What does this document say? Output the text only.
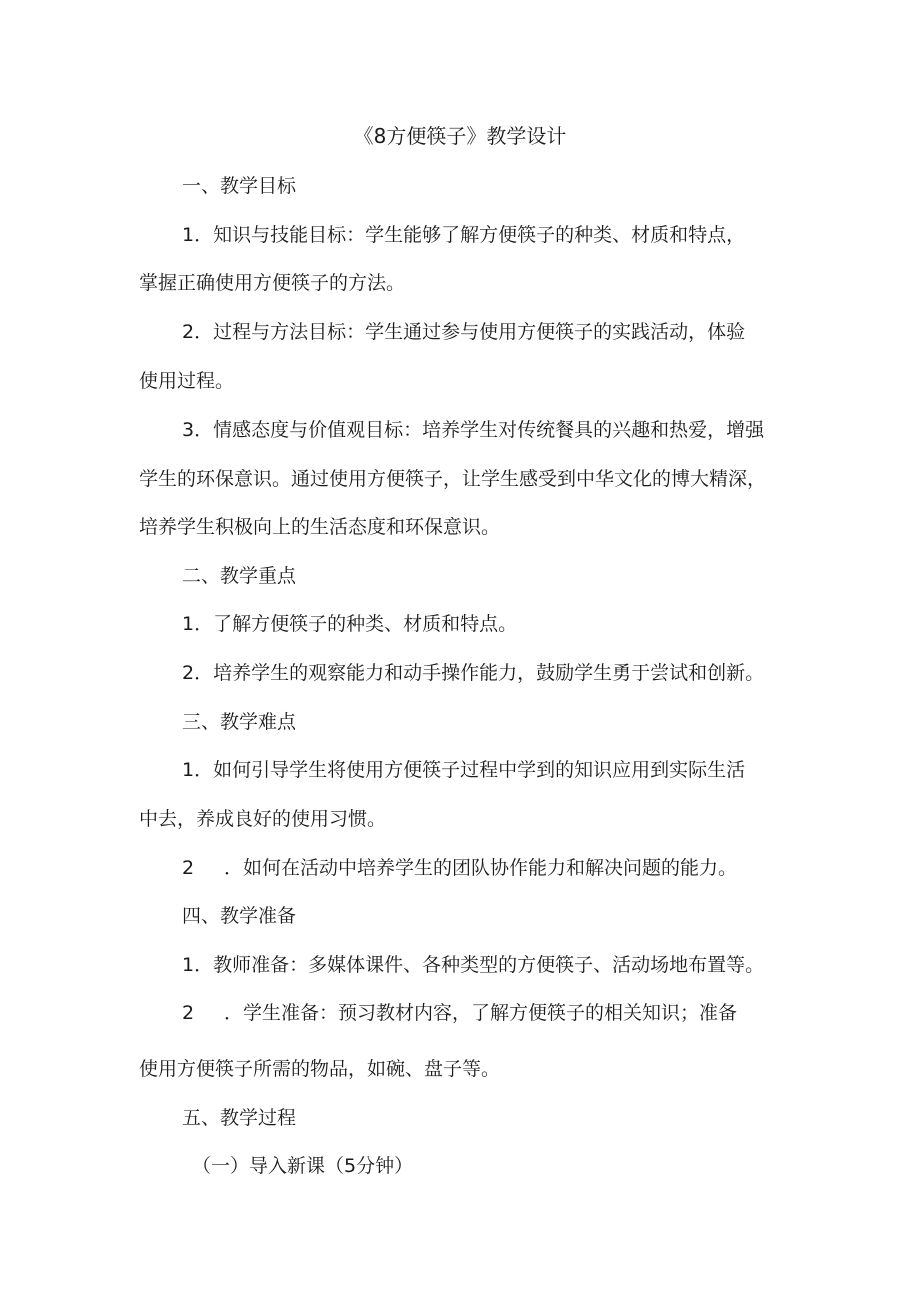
《8方便筷子》教学设计
一、教学目标
1．知识与技能目标：学生能够了解方便筷子的种类、材质和特点，
掌握正确使用方便筷子的方法。
2．过程与方法目标：学生通过参与使用方便筷子的实践活动，体验
使用过程。
3．情感态度与价值观目标：培养学生对传统餐具的兴趣和热爱，增强
学生的环保意识。通过使用方便筷子，让学生感受到中华文化的博大精深，
培养学生积极向上的生活态度和环保意识。
二、教学重点
1．了解方便筷子的种类、材质和特点。
2．培养学生的观察能力和动手操作能力，鼓励学生勇于尝试和创新。
三、教学难点
1．如何引导学生将使用方便筷子过程中学到的知识应用到实际生活
中去，养成良好的使用习惯。
2 ．如何在活动中培养学生的团队协作能力和解决问题的能力。
四、教学准备
1．教师准备：多媒体课件、各种类型的方便筷子、活动场地布置等。
2 ．学生准备：预习教材内容，了解方便筷子的相关知识；准备
使用方便筷子所需的物品，如碗、盘子等。
五、教学过程
（一）导入新课（5分钟）
